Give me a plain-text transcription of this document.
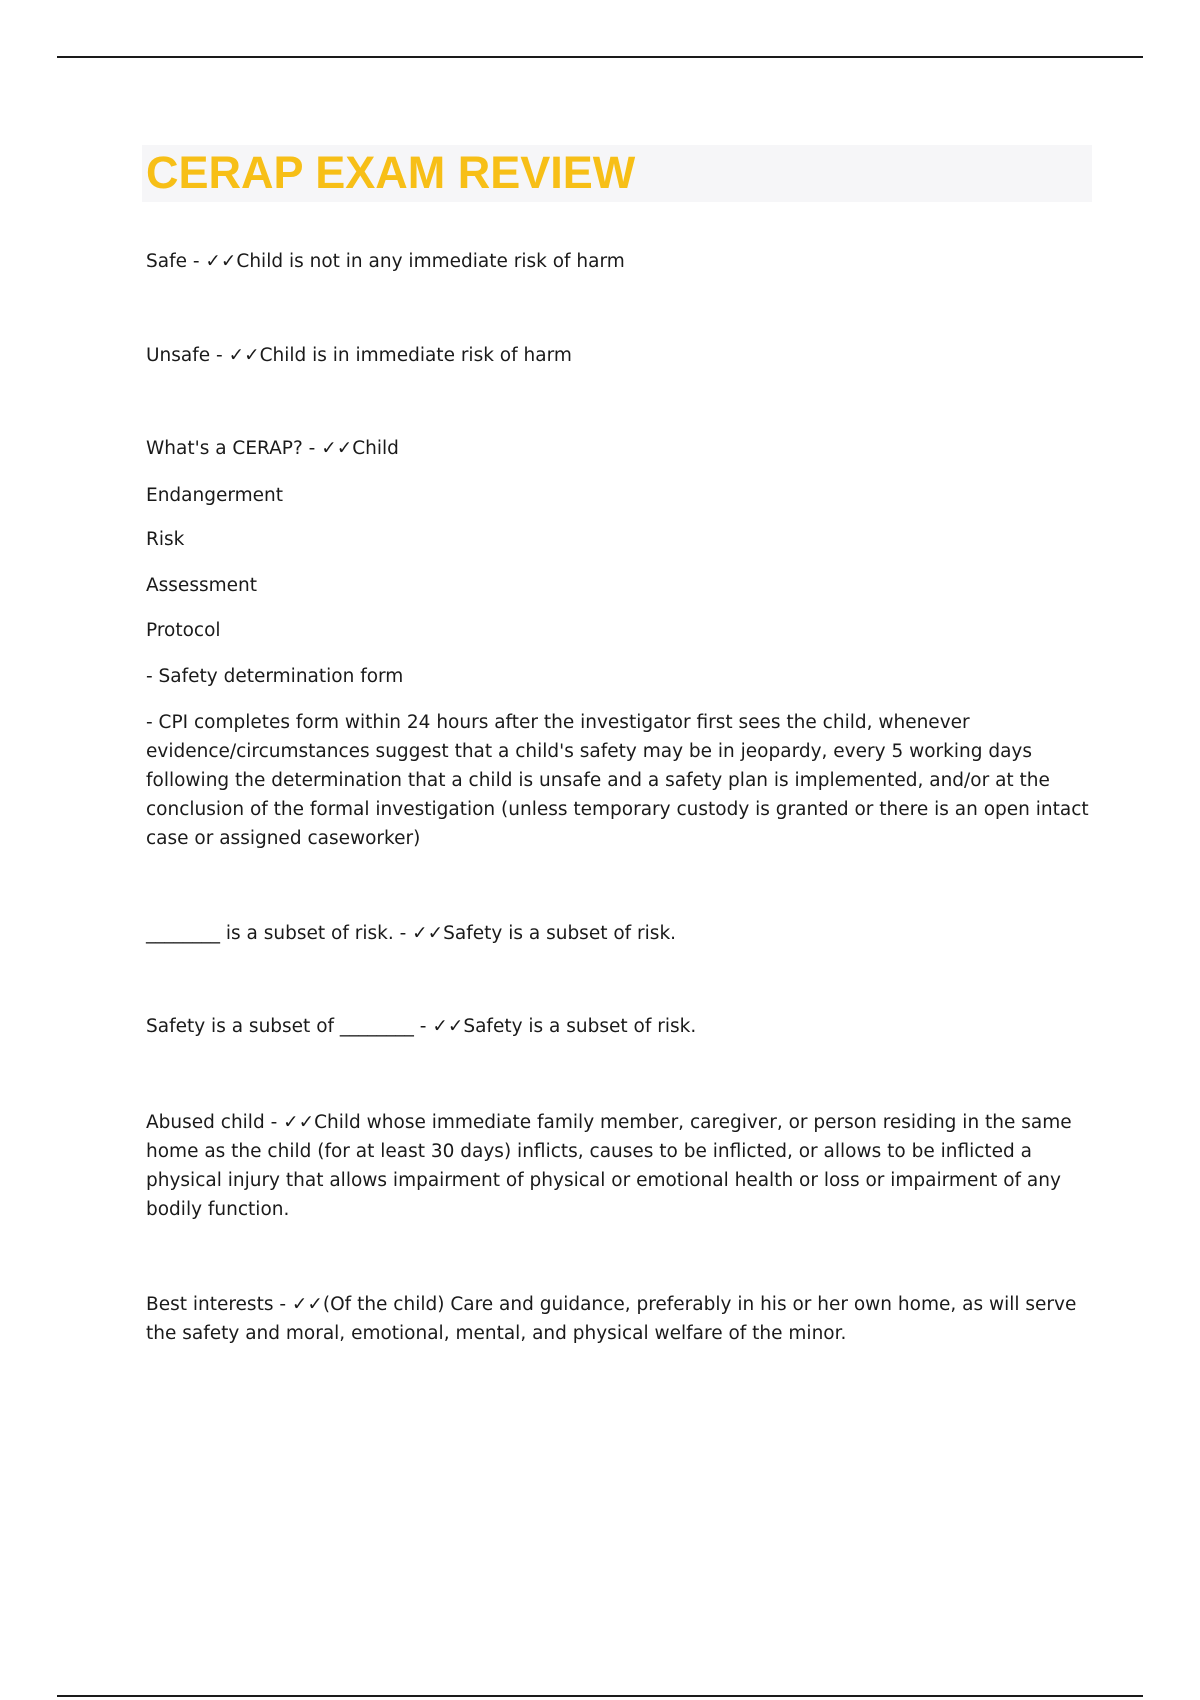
CERAP EXAM REVIEW

Safe - ✓✓Child is not in any immediate risk of harm

Unsafe - ✓✓Child is in immediate risk of harm

What's a CERAP? - ✓✓Child

Endangerment

Risk

Assessment

Protocol

- Safety determination form

- CPI completes form within 24 hours after the investigator first sees the child, whenever evidence/circumstances suggest that a child's safety may be in jeopardy, every 5 working days following the determination that a child is unsafe and a safety plan is implemented, and/or at the conclusion of the formal investigation (unless temporary custody is granted or there is an open intact case or assigned caseworker)

________ is a subset of risk. - ✓✓Safety is a subset of risk.

Safety is a subset of ________ - ✓✓Safety is a subset of risk.

Abused child - ✓✓Child whose immediate family member, caregiver, or person residing in the same home as the child (for at least 30 days) inflicts, causes to be inflicted, or allows to be inflicted a physical injury that allows impairment of physical or emotional health or loss or impairment of any bodily function.

Best interests - ✓✓(Of the child) Care and guidance, preferably in his or her own home, as will serve the safety and moral, emotional, mental, and physical welfare of the minor.
